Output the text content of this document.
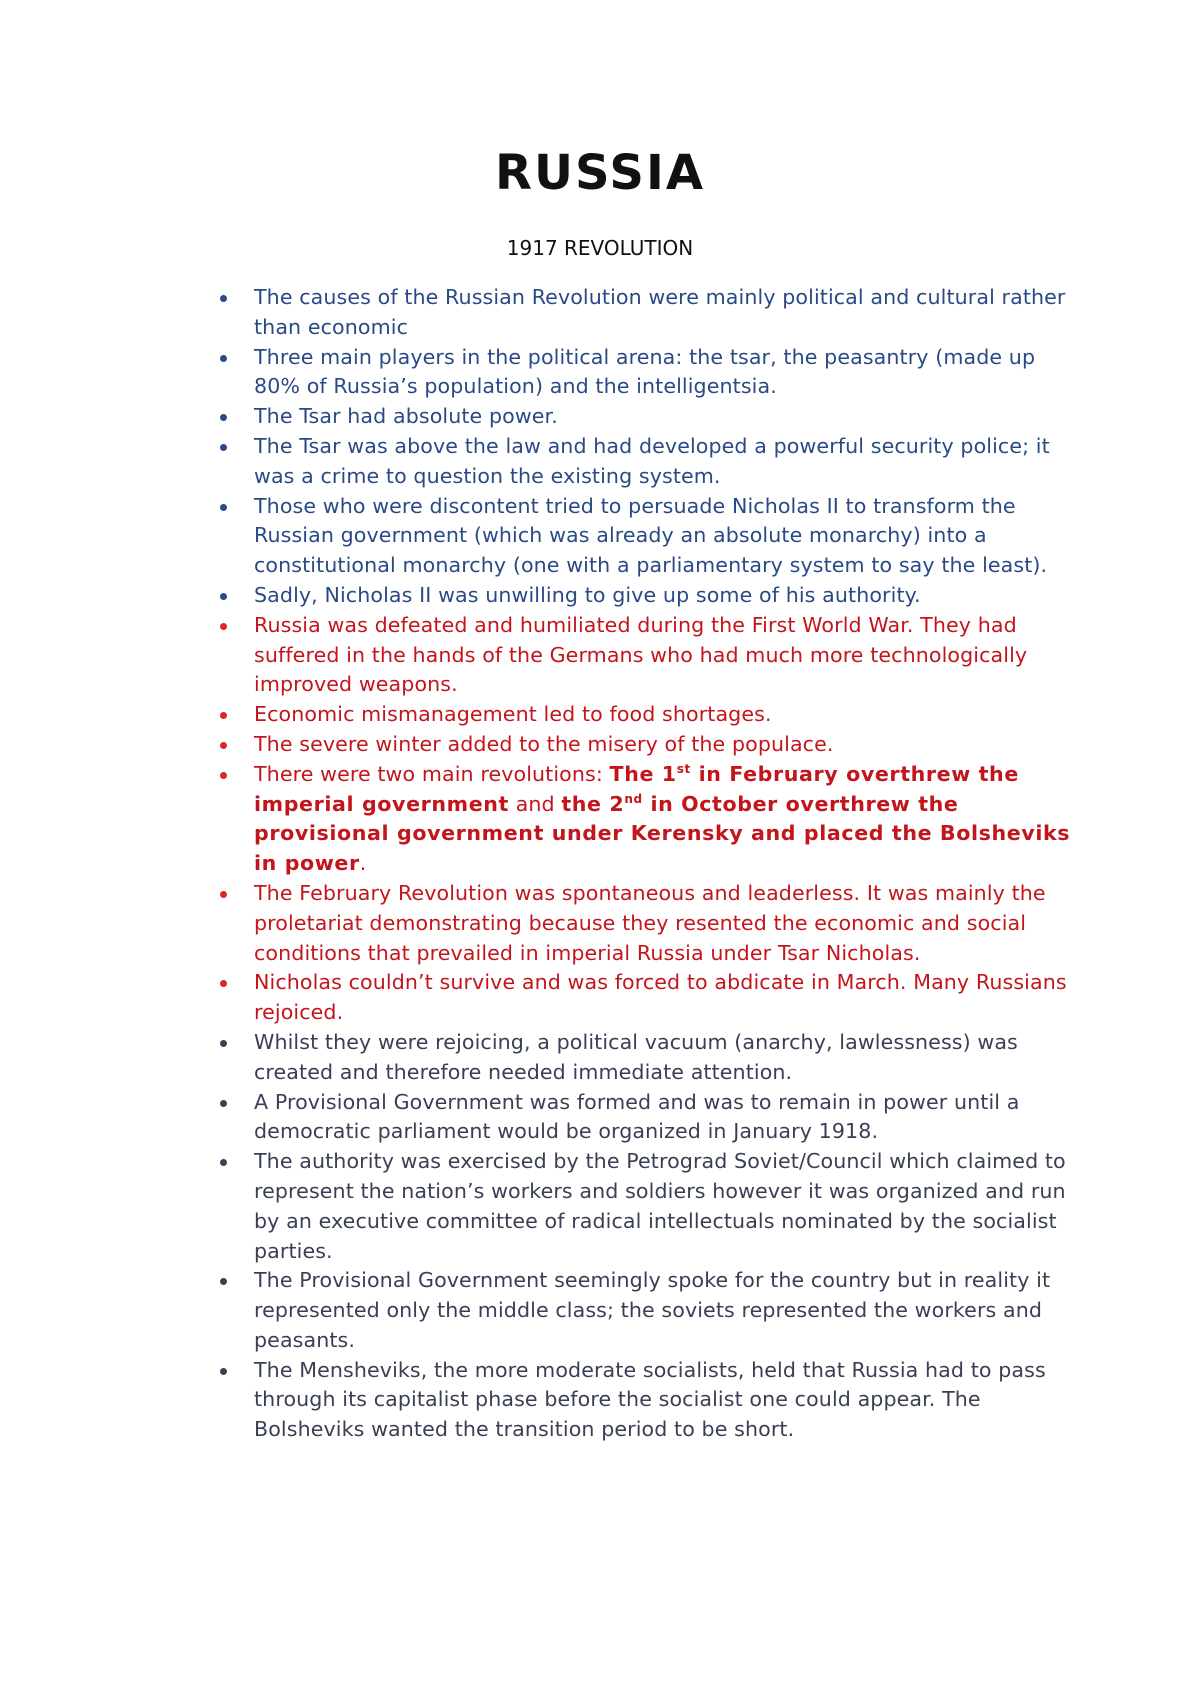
RUSSIA
1917 REVOLUTION
The causes of the Russian Revolution were mainly political and cultural rather than economic
Three main players in the political arena: the tsar, the peasantry (made up 80% of Russia’s population) and the intelligentsia.
The Tsar had absolute power.
The Tsar was above the law and had developed a powerful security police; it was a crime to question the existing system.
Those who were discontent tried to persuade Nicholas II to transform the Russian government (which was already an absolute monarchy) into a constitutional monarchy (one with a parliamentary system to say the least).
Sadly, Nicholas II was unwilling to give up some of his authority.
Russia was defeated and humiliated during the First World War. They had suffered in the hands of the Germans who had much more technologically improved weapons.
Economic mismanagement led to food shortages.
The severe winter added to the misery of the populace.
There were two main revolutions: The 1st in February overthrew the imperial government and the 2nd in October overthrew the provisional government under Kerensky and placed the Bolsheviks in power.
The February Revolution was spontaneous and leaderless. It was mainly the proletariat demonstrating because they resented the economic and social conditions that prevailed in imperial Russia under Tsar Nicholas.
Nicholas couldn’t survive and was forced to abdicate in March. Many Russians rejoiced.
Whilst they were rejoicing, a political vacuum (anarchy, lawlessness) was created and therefore needed immediate attention.
A Provisional Government was formed and was to remain in power until a democratic parliament would be organized in January 1918.
The authority was exercised by the Petrograd Soviet/Council which claimed to represent the nation’s workers and soldiers however it was organized and run by an executive committee of radical intellectuals nominated by the socialist parties.
The Provisional Government seemingly spoke for the country but in reality it represented only the middle class; the soviets represented the workers and peasants.
The Mensheviks, the more moderate socialists, held that Russia had to pass through its capitalist phase before the socialist one could appear. The Bolsheviks wanted the transition period to be short.
